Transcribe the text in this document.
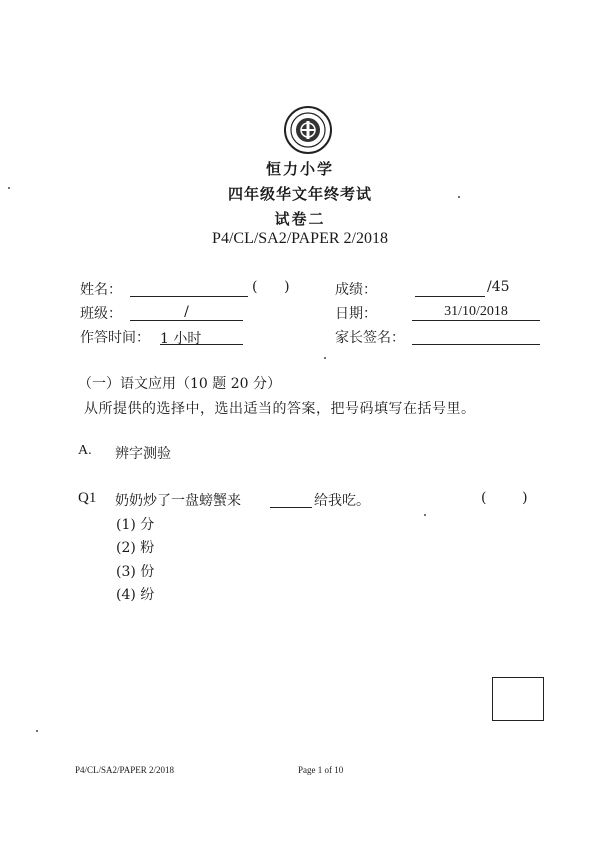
恒力小学
四年级华文年终考试
试卷二
P4/CL/SA2/PAPER 2/2018
姓名：	(      )	成绩：	/45
班级：	/	日期：	31/10/2018
作答时间： 1 小时	家长签名：
（一）语文应用（10 题 20 分）
从所提供的选择中，选出适当的答案，把号码填写在括号里。
A. 辨字测验
Q1 奶奶炒了一盘螃蟹来	给我吃。	(        )
(1) 分
(2) 粉
(3) 份
(4) 纷
P4/CL/SA2/PAPER 2/2018	Page 1 of 10
